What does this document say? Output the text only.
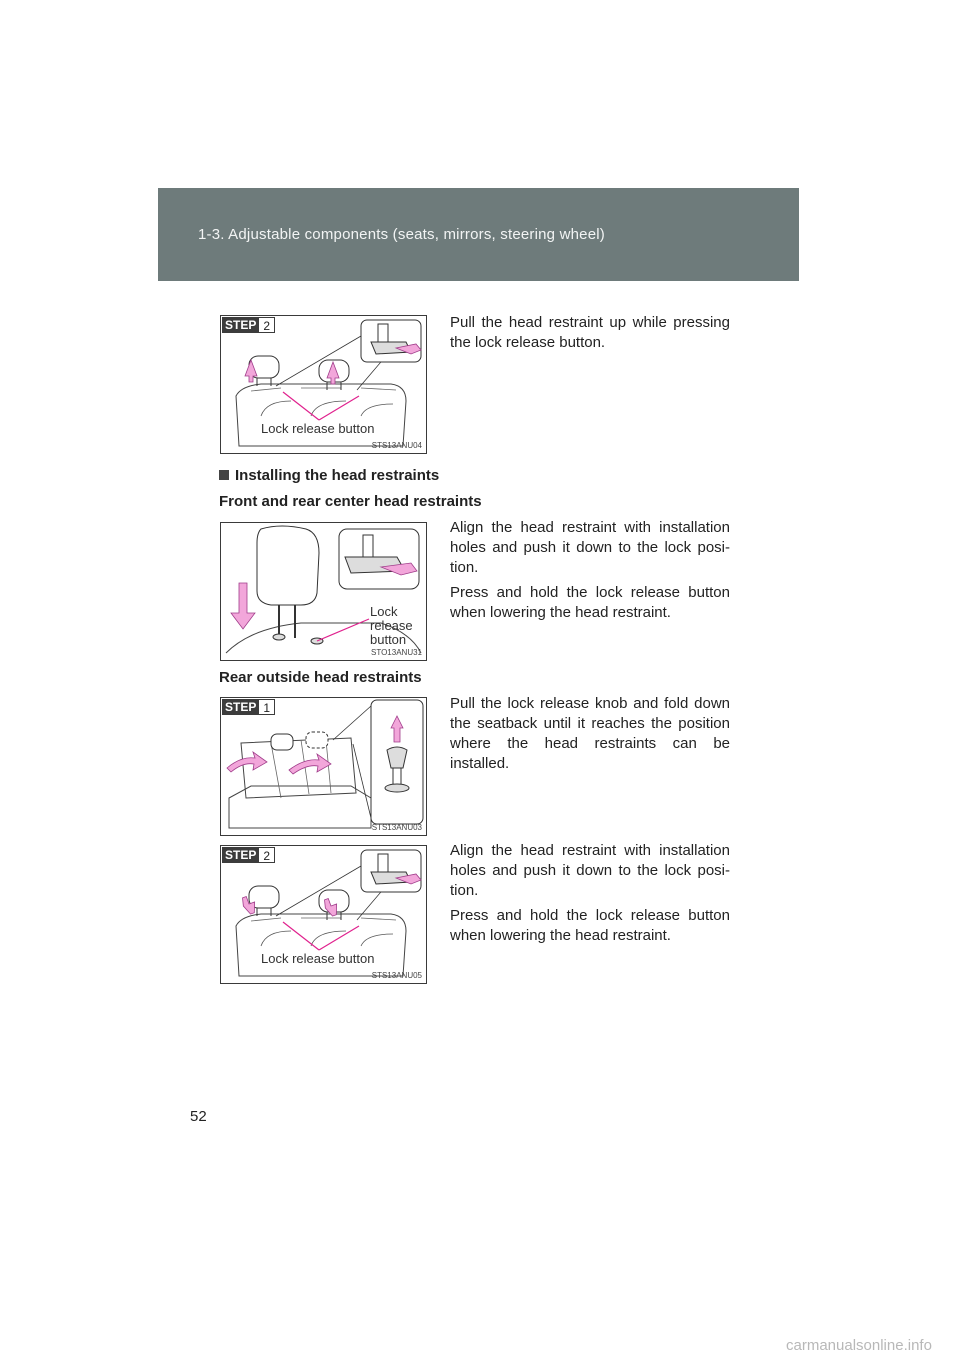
1-3. Adjustable components (seats, mirrors, steering wheel)
STEP 2
Lock release button
STS13ANU04
Pull the head restraint up while pressing the lock release button.
Installing the head restraints
Front and rear center head restraints
Lock
release
button
STO13ANU31
Align the head restraint with installation holes and push it down to the lock posi-tion.
Press and hold the lock release button when lowering the head restraint.
Rear outside head restraints
STEP 1
STS13ANU03
Pull the lock release knob and fold down the seatback until it reaches the position where the head restraints can be installed.
STEP 2
Lock release button
STS13ANU05
Align the head restraint with installation holes and push it down to the lock posi-tion.
Press and hold the lock release button when lowering the head restraint.
52
carmanualsonline.info
